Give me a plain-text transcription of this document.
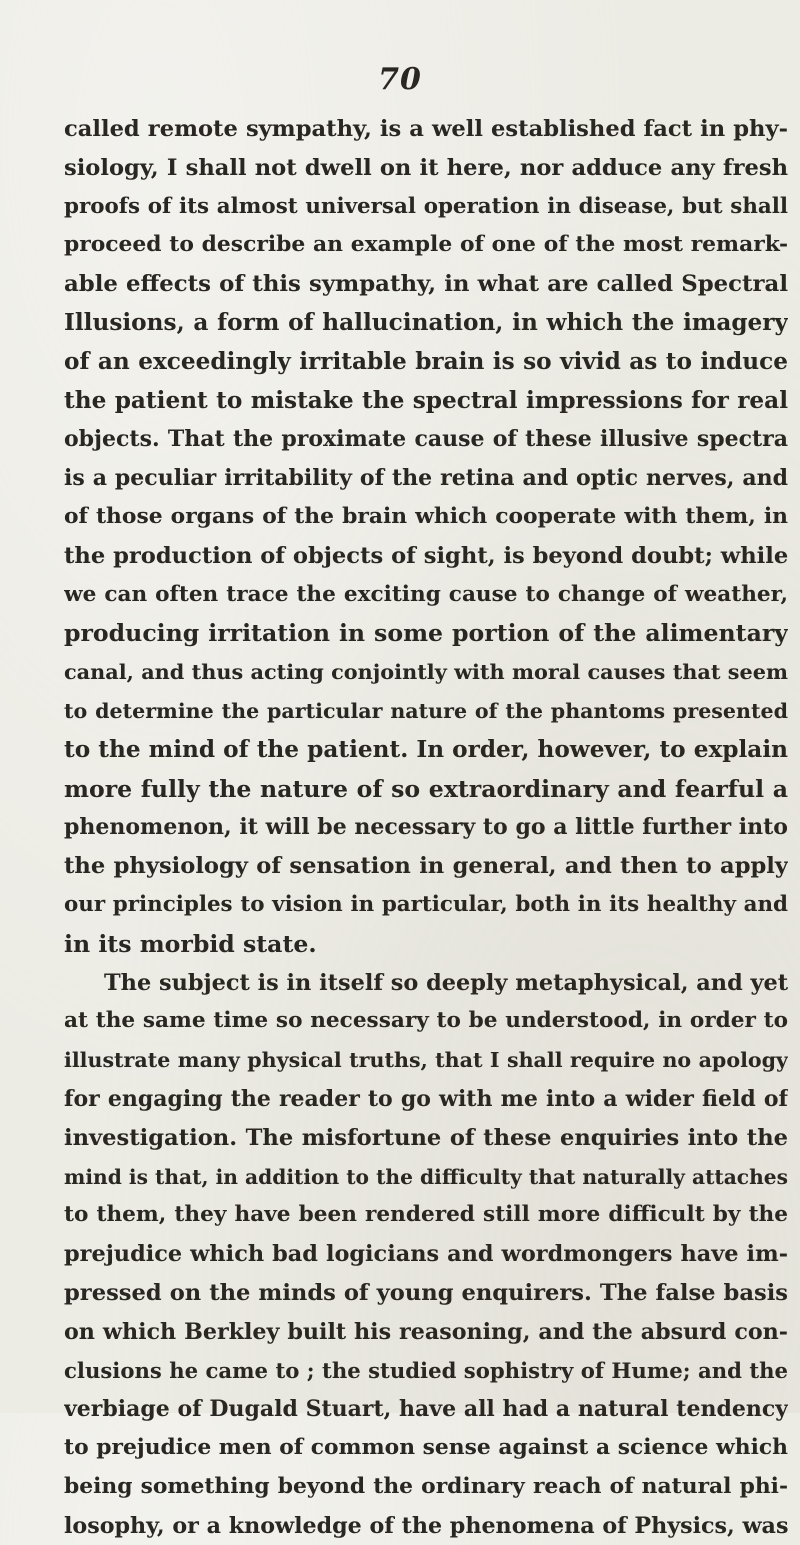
70
called remote sympathy, is a well established fact in phy-
siology, I shall not dwell on it here, nor adduce any fresh
proofs of its almost universal operation in disease, but shall
proceed to describe an example of one of the most remark-
able effects of this sympathy, in what are called Spectral
Illusions, a form of hallucination, in which the imagery
of an exceedingly irritable brain is so vivid as to induce
the patient to mistake the spectral impressions for real
objects. That the proximate cause of these illusive spectra
is a peculiar irritability of the retina and optic nerves, and
of those organs of the brain which cooperate with them, in
the production of objects of sight, is beyond doubt; while
we can often trace the exciting cause to change of weather,
producing irritation in some portion of the alimentary
canal, and thus acting conjointly with moral causes that seem
to determine the particular nature of the phantoms presented
to the mind of the patient. In order, however, to explain
more fully the nature of so extraordinary and fearful a
phenomenon, it will be necessary to go a little further into
the physiology of sensation in general, and then to apply
our principles to vision in particular, both in its healthy and
in its morbid state.
The subject is in itself so deeply metaphysical, and yet
at the same time so necessary to be understood, in order to
illustrate many physical truths, that I shall require no apology
for engaging the reader to go with me into a wider field of
investigation. The misfortune of these enquiries into the
mind is that, in addition to the difficulty that naturally attaches
to them, they have been rendered still more difficult by the
prejudice which bad logicians and wordmongers have im-
pressed on the minds of young enquirers. The false basis
on which Berkley built his reasoning, and the absurd con-
clusions he came to ; the studied sophistry of Hume; and the
verbiage of Dugald Stuart, have all had a natural tendency
to prejudice men of common sense against a science which
being something beyond the ordinary reach of natural phi-
losophy, or a knowledge of the phenomena of Physics, was
